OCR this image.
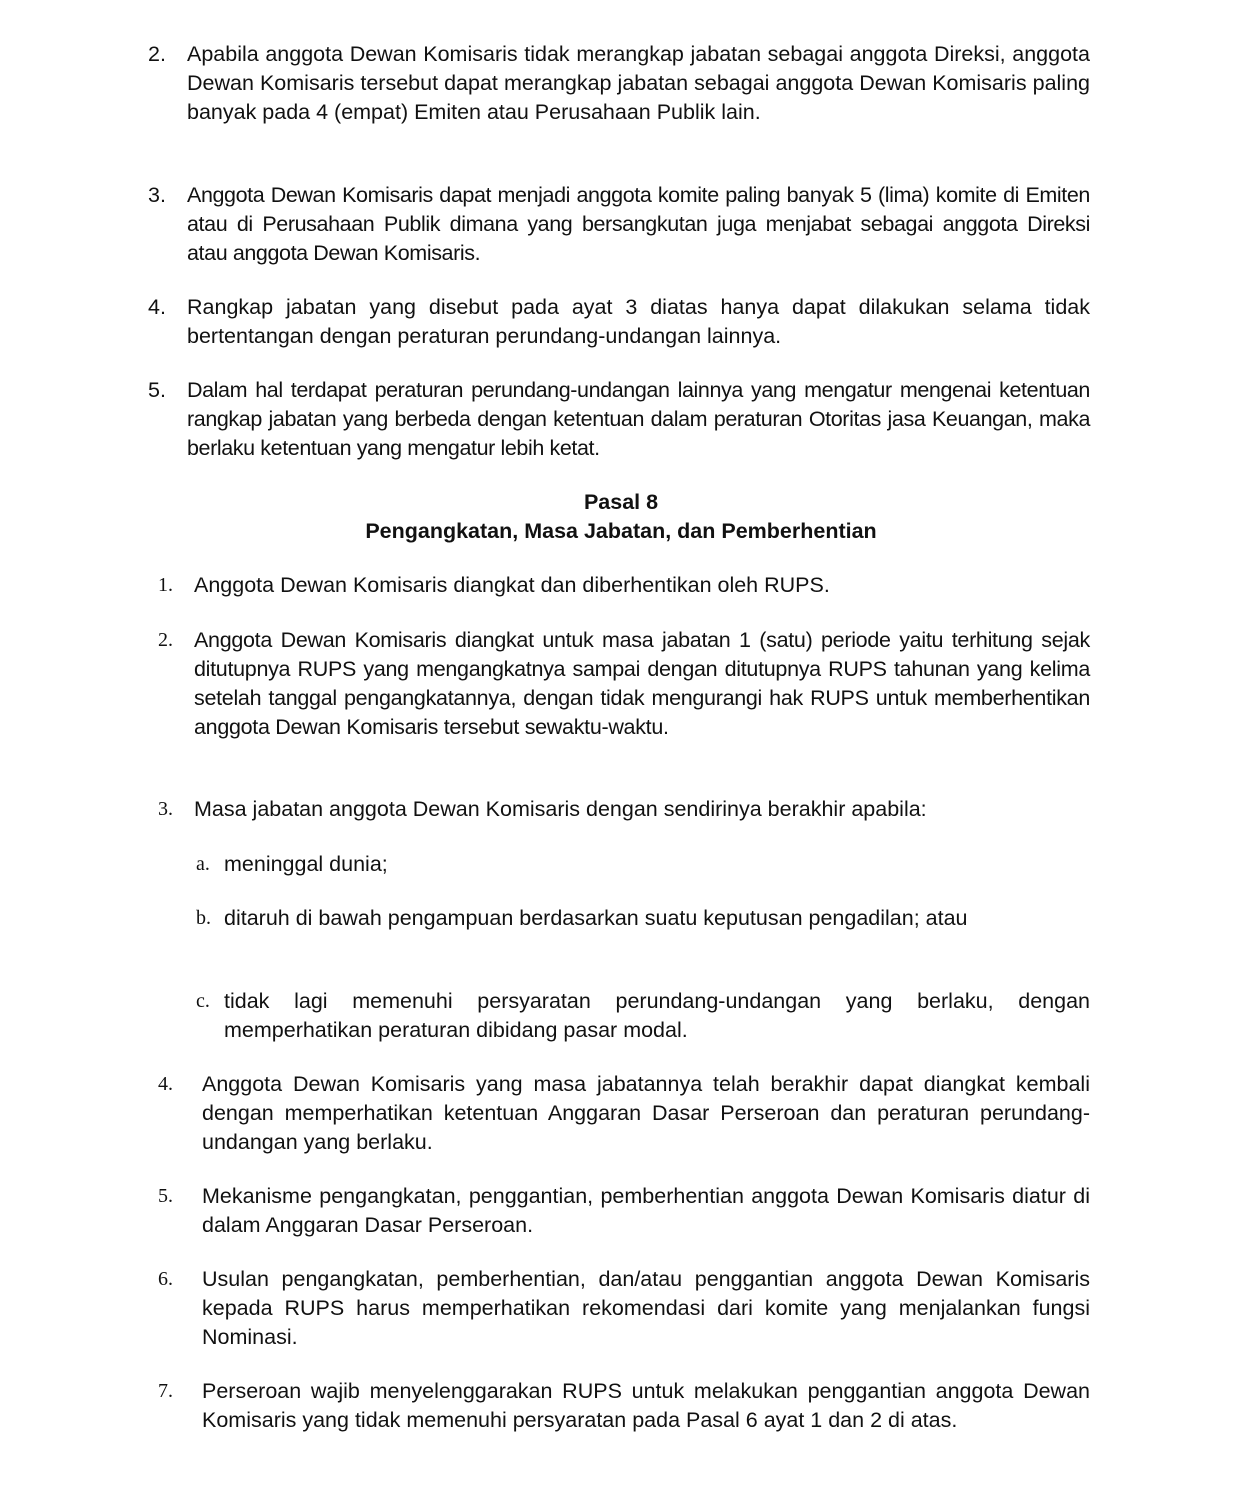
2. Apabila anggota Dewan Komisaris tidak merangkap jabatan sebagai anggota Direksi, anggota Dewan Komisaris tersebut dapat merangkap jabatan sebagai anggota Dewan Komisaris paling banyak pada 4 (empat) Emiten atau Perusahaan Publik lain.
3. Anggota Dewan Komisaris dapat menjadi anggota komite paling banyak 5 (lima) komite di Emiten atau di Perusahaan Publik dimana yang bersangkutan juga menjabat sebagai anggota Direksi atau anggota Dewan Komisaris.
4. Rangkap jabatan yang disebut pada ayat 3 diatas hanya dapat dilakukan selama tidak bertentangan dengan peraturan perundang-undangan lainnya.
5. Dalam hal terdapat peraturan perundang-undangan lainnya yang mengatur mengenai ketentuan rangkap jabatan yang berbeda dengan ketentuan dalam peraturan Otoritas jasa Keuangan, maka berlaku ketentuan yang mengatur lebih ketat.
Pasal 8
Pengangkatan, Masa Jabatan, dan Pemberhentian
1. Anggota Dewan Komisaris diangkat dan diberhentikan oleh RUPS.
2. Anggota Dewan Komisaris diangkat untuk masa jabatan 1 (satu) periode yaitu terhitung sejak ditutupnya RUPS yang mengangkatnya sampai dengan ditutupnya RUPS tahunan yang kelima setelah tanggal pengangkatannya, dengan tidak mengurangi hak RUPS untuk memberhentikan anggota Dewan Komisaris tersebut sewaktu-waktu.
3. Masa jabatan anggota Dewan Komisaris dengan sendirinya berakhir apabila:
a. meninggal dunia;
b. ditaruh di bawah pengampuan berdasarkan suatu keputusan pengadilan; atau
c. tidak lagi memenuhi persyaratan perundang-undangan yang berlaku, dengan memperhatikan peraturan dibidang pasar modal.
4. Anggota Dewan Komisaris yang masa jabatannya telah berakhir dapat diangkat kembali dengan memperhatikan ketentuan Anggaran Dasar Perseroan dan peraturan perundang-undangan yang berlaku.
5. Mekanisme pengangkatan, penggantian, pemberhentian anggota Dewan Komisaris diatur di dalam Anggaran Dasar Perseroan.
6. Usulan pengangkatan, pemberhentian, dan/atau penggantian anggota Dewan Komisaris kepada RUPS harus memperhatikan rekomendasi dari komite yang menjalankan fungsi Nominasi.
7. Perseroan wajib menyelenggarakan RUPS untuk melakukan penggantian anggota Dewan Komisaris yang tidak memenuhi persyaratan pada Pasal 6 ayat 1 dan 2 di atas.
